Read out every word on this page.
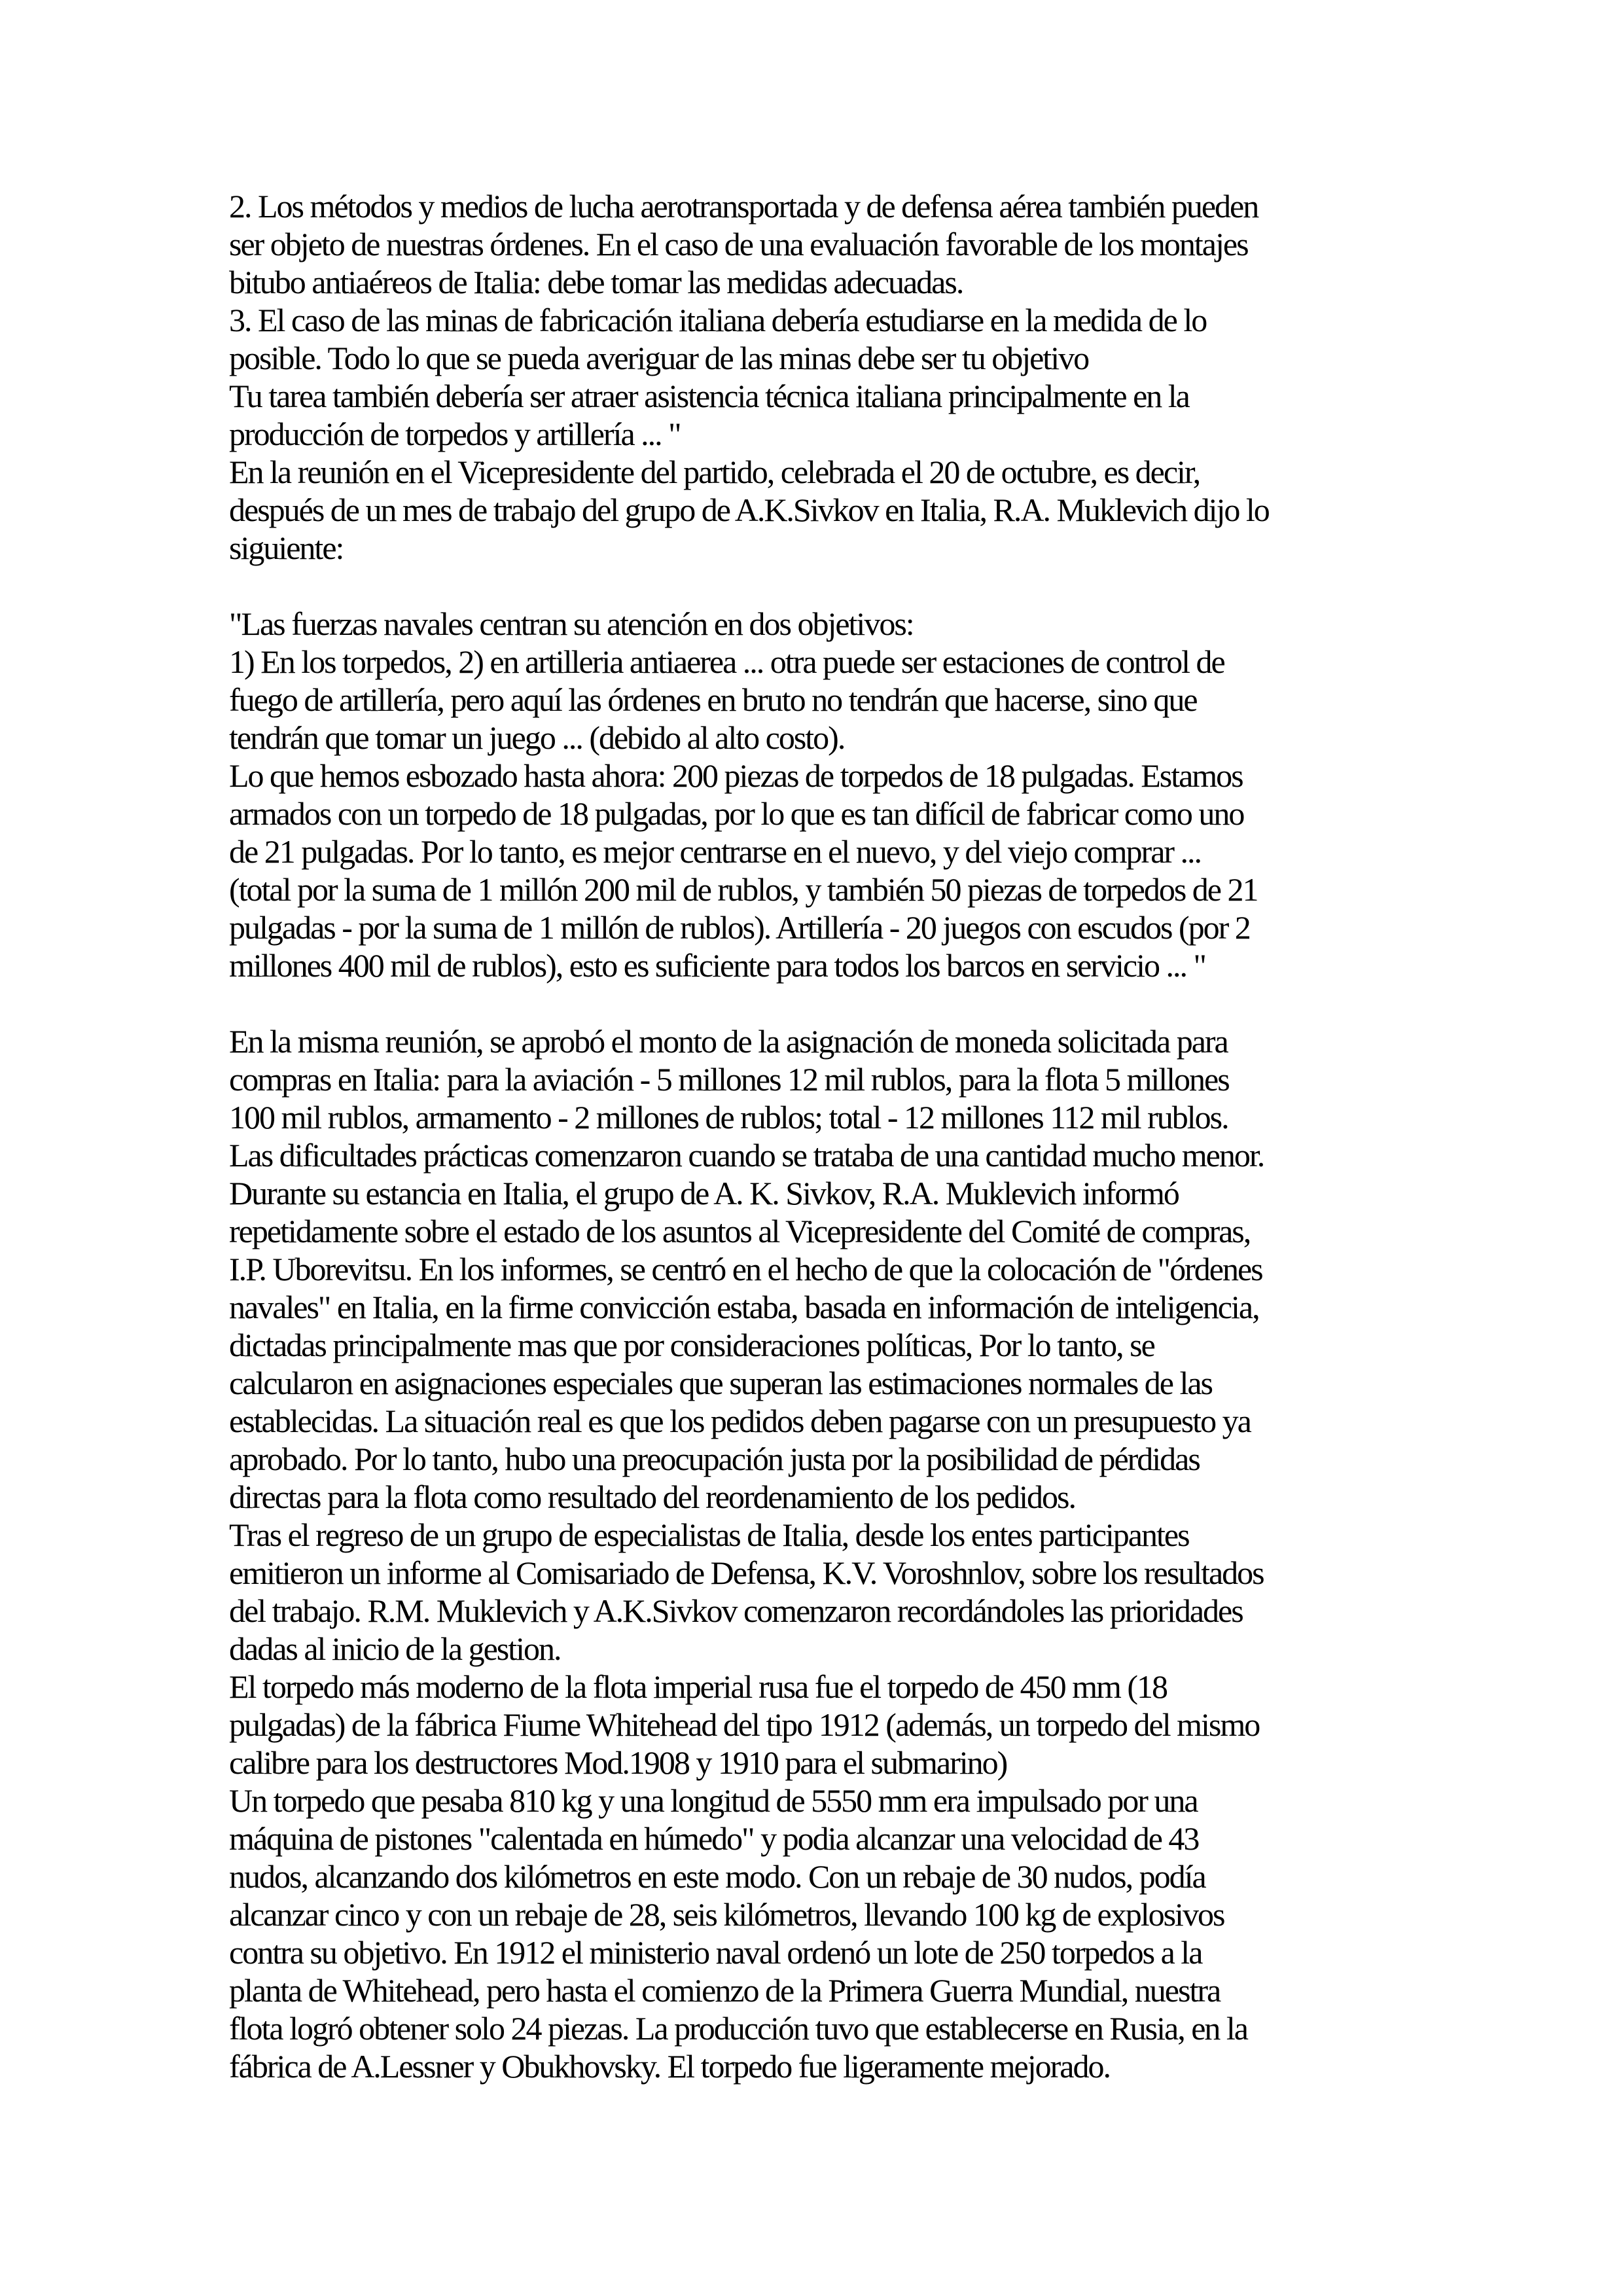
2. Los métodos y medios de lucha aerotransportada y de defensa aérea también pueden
ser objeto de nuestras órdenes. En el caso de una evaluación favorable de los montajes
bitubo antiaéreos de Italia: debe tomar las medidas adecuadas.
3. El caso de las minas de fabricación italiana debería estudiarse en la medida de lo
posible. Todo lo que se pueda averiguar de las minas debe ser tu objetivo
Tu tarea también debería ser atraer asistencia técnica italiana principalmente en la
producción de torpedos y artillería ... "
En la reunión en el Vicepresidente del partido, celebrada el 20 de octubre, es decir,
después de un mes de trabajo del grupo de A.K.Sivkov en Italia, R.A. Muklevich dijo lo
siguiente:
"Las fuerzas navales centran su atención en dos objetivos:
1) En los torpedos, 2) en artilleria antiaerea ... otra puede ser estaciones de control de
fuego de artillería, pero aquí las órdenes en bruto no tendrán que hacerse, sino que
tendrán que tomar un juego ... (debido al alto costo).
Lo que hemos esbozado hasta ahora: 200 piezas de torpedos de 18 pulgadas. Estamos
armados con un torpedo de 18 pulgadas, por lo que es tan difícil de fabricar como uno
de 21 pulgadas. Por lo tanto, es mejor centrarse en el nuevo, y del viejo comprar ...
(total por la suma de 1 millón 200 mil de rublos, y también 50 piezas de torpedos de 21
pulgadas - por la suma de 1 millón de rublos). Artillería - 20 juegos con escudos (por 2
millones 400 mil de rublos), esto es suficiente para todos los barcos en servicio ... "
En la misma reunión, se aprobó el monto de la asignación de moneda solicitada para
compras en Italia: para la aviación - 5 millones 12 mil rublos, para la flota 5 millones
100 mil rublos, armamento - 2 millones de rublos; total - 12 millones 112 mil rublos.
Las dificultades prácticas comenzaron cuando se trataba de una cantidad mucho menor.
Durante su estancia en Italia, el grupo de A. K. Sivkov, R.A. Muklevich informó
repetidamente sobre el estado de los asuntos al Vicepresidente del Comité de compras,
I.P. Uborevitsu. En los informes, se centró en el hecho de que la colocación de "órdenes
navales" en Italia, en la firme convicción estaba, basada en información de inteligencia,
dictadas principalmente mas que por consideraciones políticas, Por lo tanto, se
calcularon en asignaciones especiales que superan las estimaciones normales de las
establecidas. La situación real es que los pedidos deben pagarse con un presupuesto ya
aprobado. Por lo tanto, hubo una preocupación justa por la posibilidad de pérdidas
directas para la flota como resultado del reordenamiento de los pedidos.
Tras el regreso de un grupo de especialistas de Italia, desde los entes participantes
emitieron un informe al Comisariado de Defensa, K.V. Voroshnlov, sobre los resultados
del trabajo. R.M. Muklevich y A.K.Sivkov comenzaron recordándoles las prioridades
dadas al inicio de la gestion.
El torpedo más moderno de la flota imperial rusa fue el torpedo de 450 mm (18
pulgadas) de la fábrica Fiume Whitehead del tipo 1912 (además, un torpedo del mismo
calibre para los destructores Mod.1908 y 1910 para el submarino)
Un torpedo que pesaba 810 kg y una longitud de 5550 mm era impulsado por una
máquina de pistones "calentada en húmedo" y podia alcanzar una velocidad de 43
nudos, alcanzando dos kilómetros en este modo. Con un rebaje de 30 nudos, podía
alcanzar cinco y con un rebaje de 28, seis kilómetros, llevando 100 kg de explosivos
contra su objetivo. En 1912 el ministerio naval ordenó un lote de 250 torpedos a la
planta de Whitehead, pero hasta el comienzo de la Primera Guerra Mundial, nuestra
flota logró obtener solo 24 piezas. La producción tuvo que establecerse en Rusia, en la
fábrica de A.Lessner y Obukhovsky. El torpedo fue ligeramente mejorado.
